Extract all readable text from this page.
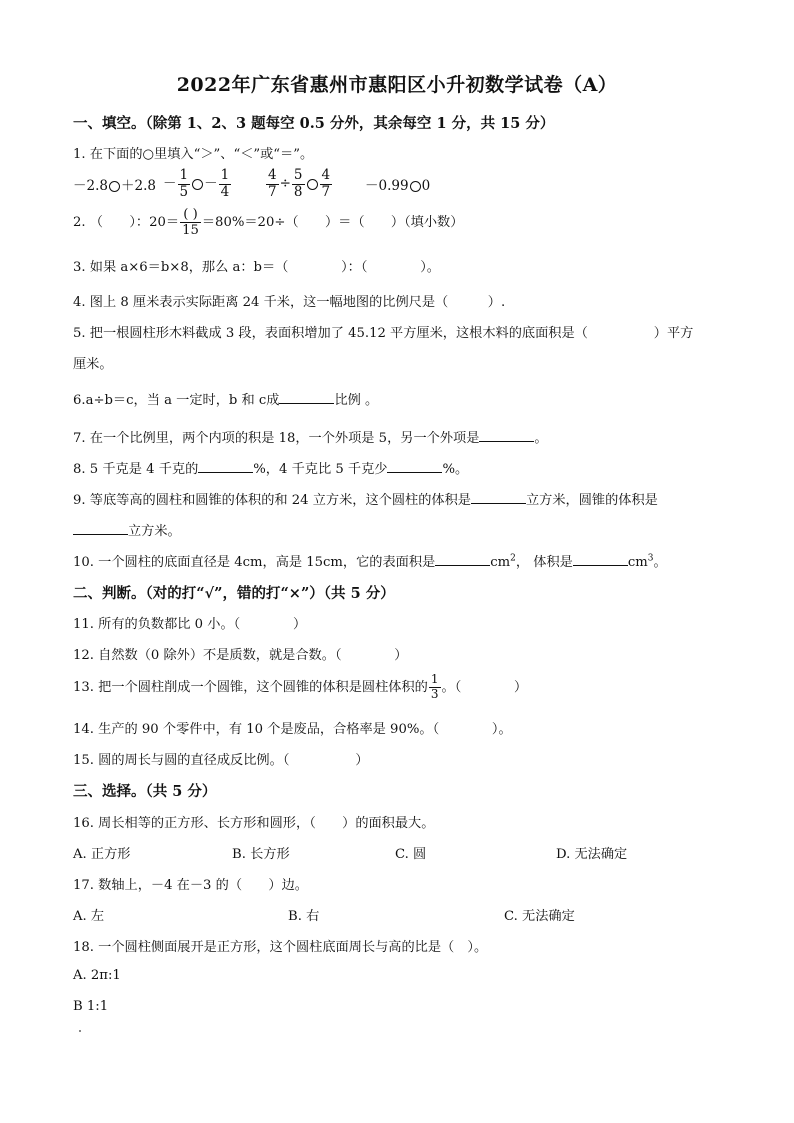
2022年广东省惠州市惠阳区小升初数学试卷（A）
一、填空。（除第 1、2、3 题每空 0.5 分外，其余每空 1 分，共 15 分）
1. 在下面的○里填入“＞”、“＜”或“＝”。
$-2.8 +2.8 - \frac{1}{5} - \frac{1}{4}$	$\frac{4}{7} \div \frac{5}{8} \frac{4}{7} -0.99$ 0
2. （　　）：$20= \frac{( )}{15} =80\%=20\div$（　　）＝（　　）（填小数）
3. 如果 a×6＝b×8，那么 a：b＝（　　　　）：（　　　　）。
4. 图上 8 厘米表示实际距离 24 千米，这一幅地图的比例尺是（　　　）.
5. 把一根圆柱形木料截成 3 段，表面积增加了 45.12 平方厘米，这根木料的底面积是（　　　　　）平方
厘米。
6.a÷b＝c，当 a 一定时，b 和 c成	比例 。
7. 在一个比例里，两个内项的积是 18，一个外项是 5，另一个外项是	。
8. 5 千克是 4 千克的	%，4 千克比 5 千克少	%。
9. 等底等高的圆柱和圆锥的体积的和 24 立方米，这个圆柱的体积是	立方米，圆锥的体积是
立方米。
10. 一个圆柱的底面直径是 4cm，高是 15cm，它的表面积是	$cm^2$， 体积是	$cm^3$。
二、判断。（对的打“√”，错的打“×”）（共 5 分）
11. 所有的负数都比 0 小。（　　　　）
12. 自然数（0 除外）不是质数，就是合数。（　　　　）
13. 把一个圆柱削成一个圆锥，这个圆锥的体积是圆柱体积的 $\frac{1}{3}$ 。（　　　　）
14. 生产的 90 个零件中，有 10 个是废品，合格率是 90%。（　　　　）。
15. 圆的周长与圆的直径成反比例。（　　　　　）
三、选择。（共 5 分）
16. 周长相等的正方形、长方形和圆形，（　　）的面积最大。
A. 正方形	B. 长方形	C. 圆	D. 无法确定
17. 数轴上，－4 在－3 的（　　）边。
A. 左	B. 右	C. 无法确定
18. 一个圆柱侧面展开是正方形，这个圆柱底面周长与高的比是（　）。
A. 2π:1
B 1:1
